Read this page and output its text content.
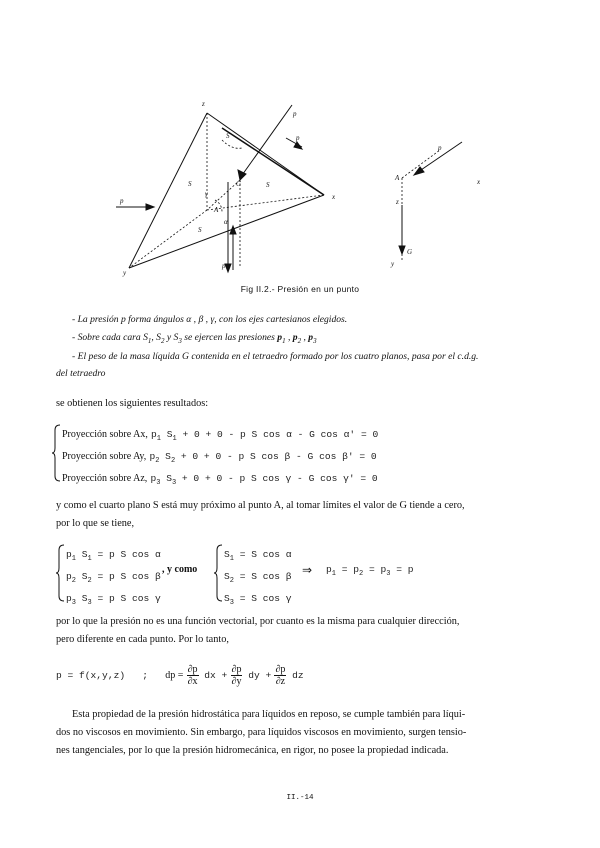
z
p
p
x
y
p
p
S
S
S
S
A
G
α
γ
A
p
G
x
y
z
Fig II.2.- Presión en un punto
- La presión p forma ángulos α , β , γ, con los ejes cartesianos elegidos.
- Sobre cada cara $S_1$, $S_2$ y $S_3$ se ejercen las presiones $p_1$ , $p_2$ , $p_3$
- El peso de la masa líquida G contenida en el tetraedro formado por los cuatro planos, pasa por el c.d.g.
del tetraedro
se obtienen los siguientes resultados:
Proyección sobre Ax, $p_1$ $S_1 + 0 + 0 - p$ S cos α - G cos α' = 0
Proyección sobre Ay, $p_2$ $S_2 + 0 + 0 - p$ S cos β - G cos β' = 0
Proyección sobre Az, $p_3$ $S_3 + 0 + 0 - p$ S cos γ - G cos γ' = 0
y como el cuarto plano S está muy próximo al punto A, al tomar límites el valor de G tiende a cero,
por lo que se tiene,
$p_1$ $S_1 = p$ S cos α
$p_2$ $S_2 = p$ S cos β
$p_3$ $S_3 = p$ S cos γ
, y como
$S_1 = S$ cos α
$S_2 = S$ cos β
$S_3 = S$ cos γ
⇒ $p_1 = p_2 = p_3 = p$
por lo que la presión no es una función vectorial, por cuanto es la misma para cualquier dirección,
pero diferente en cada punto. Por lo tanto,
p = f(x,y,z) ; dp = $\frac{\partial p}{\partial x}$ dx + $\frac{\partial p}{\partial y}$ dy + $\frac{\partial p}{\partial z}$ dz
Esta propiedad de la presión hidrostática para líquidos en reposo, se cumple también para líqui-
dos no viscosos en movimiento. Sin embargo, para líquidos viscosos en movimiento, surgen tensio-
nes tangenciales, por lo que la presión hidromecánica, en rigor, no posee la propiedad indicada.
II.-14
